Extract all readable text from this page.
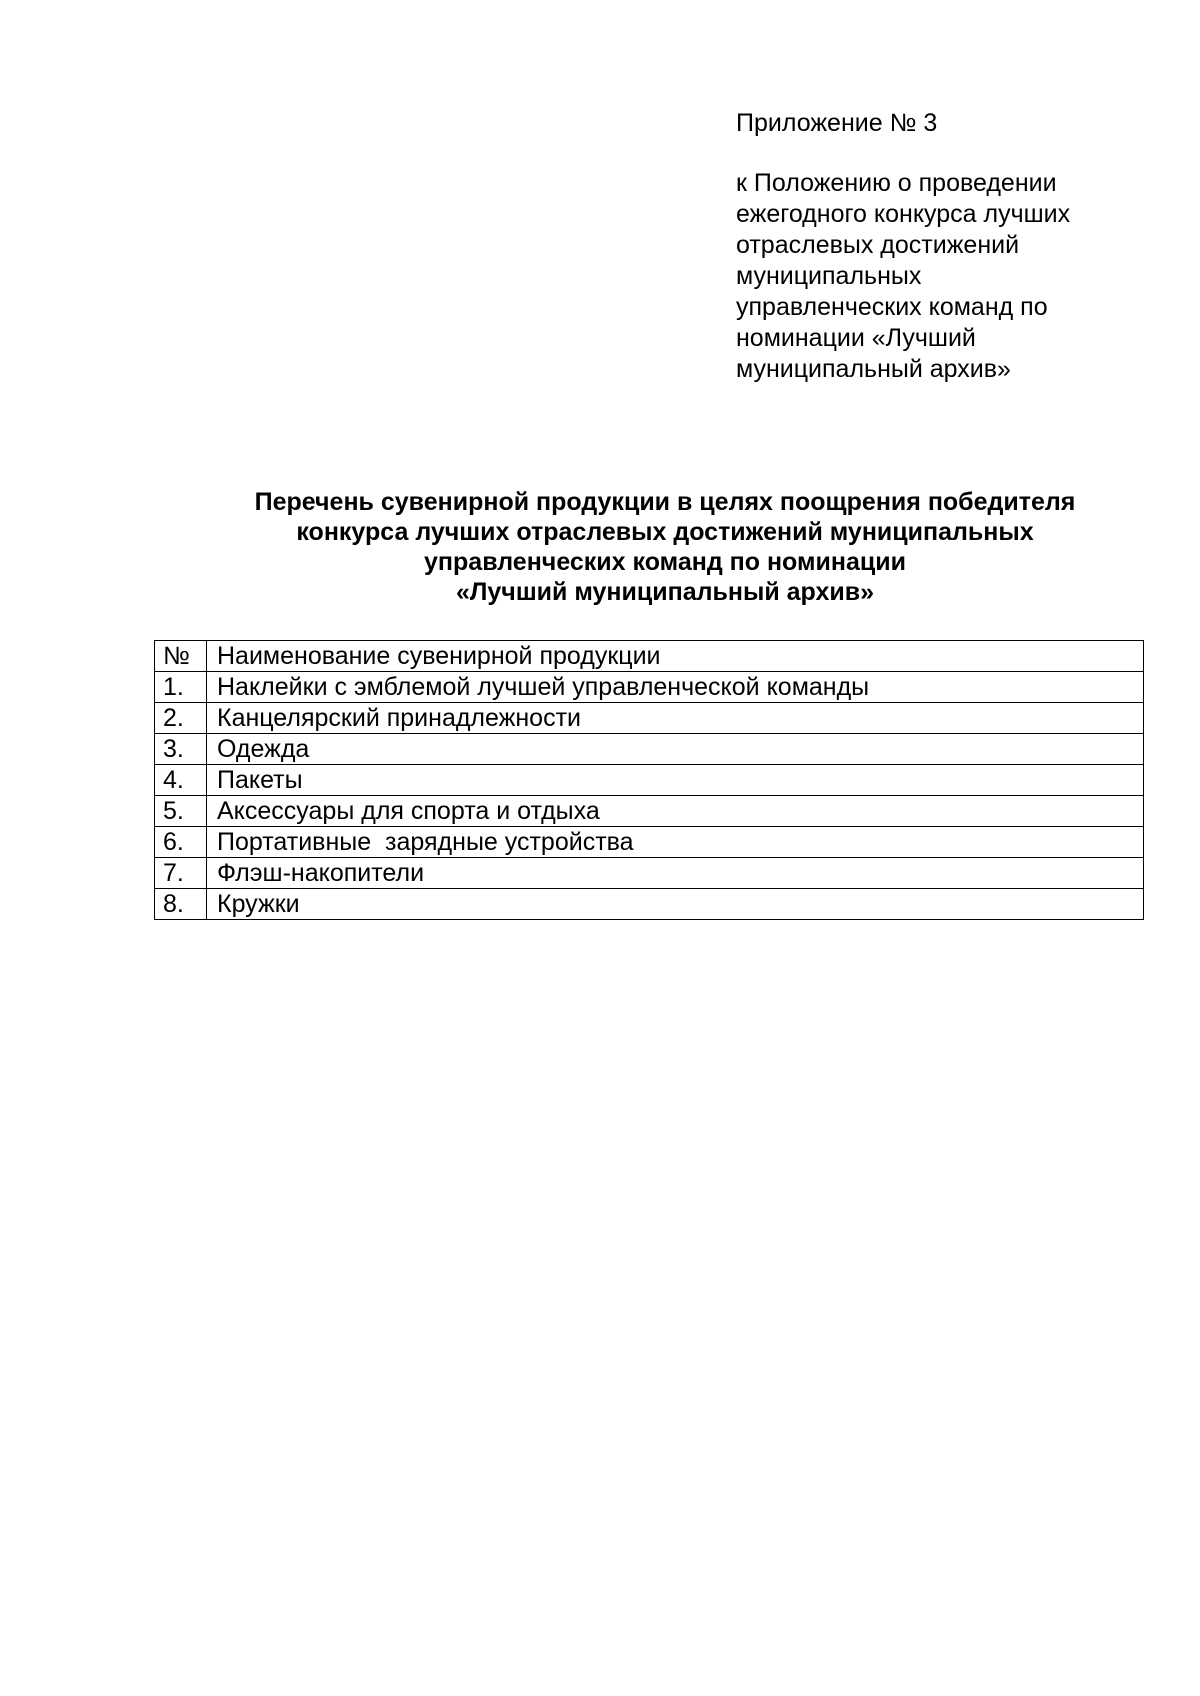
Приложение № 3

к Положению о проведении
ежегодного конкурса лучших
отраслевых достижений
муниципальных
управленческих команд по
номинации «Лучший
муниципальный архив»

Перечень сувенирной продукции в целях поощрения победителя
конкурса лучших отраслевых достижений муниципальных
управленческих команд по номинации
«Лучший муниципальный архив»
№	Наименование сувенирной продукции
1.	Наклейки с эмблемой лучшей управленческой команды
2.	Канцелярский принадлежности
3.	Одежда
4.	Пакеты
5.	Аксессуары для спорта и отдыха
6.	Портативные  зарядные устройства
7.	Флэш-накопители
8.	Кружки
